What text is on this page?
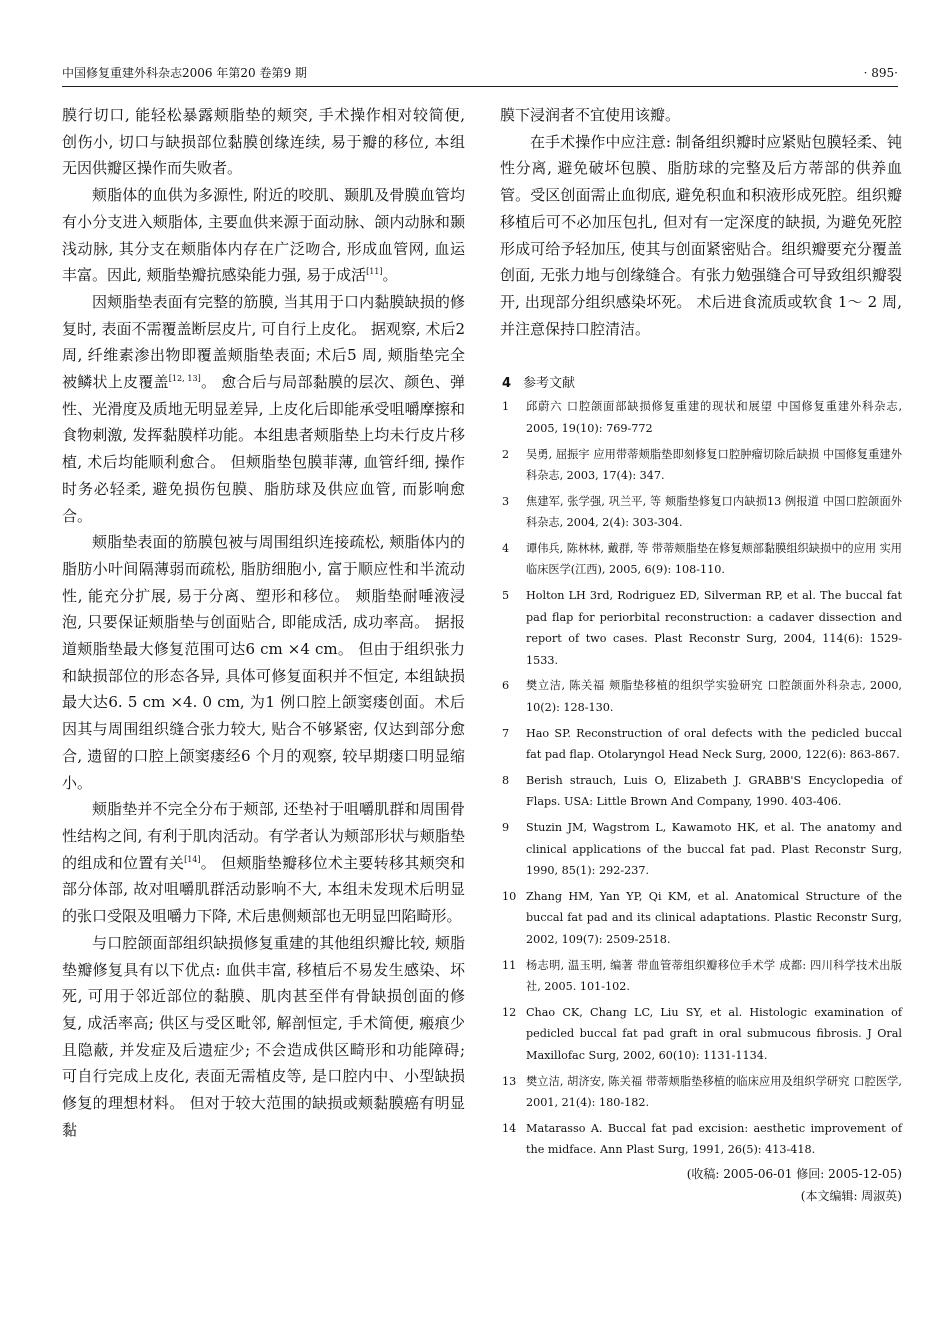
中国修复重建外科杂志2006 年第20 卷第9 期	· 895·

膜行切口, 能轻松暴露颊脂垫的颊突, 手术操作相对较简便, 创伤小, 切口与缺损部位黏膜创缘连续, 易于瓣的移位, 本组无因供瓣区操作而失败者。

颊脂体的血供为多源性, 附近的咬肌、颞肌及骨膜血管均有小分支进入颊脂体, 主要血供来源于面动脉、颌内动脉和颞浅动脉, 其分支在颊脂体内存在广泛吻合, 形成血管网, 血运丰富。因此, 颊脂垫瓣抗感染能力强, 易于成活[11]。

因颊脂垫表面有完整的筋膜, 当其用于口内黏膜缺损的修复时, 表面不需覆盖断层皮片, 可自行上皮化。 据观察, 术后2 周, 纤维素渗出物即覆盖颊脂垫表面; 术后5 周, 颊脂垫完全被鳞状上皮覆盖[12, 13]。 愈合后与局部黏膜的层次、颜色、弹性、光滑度及质地无明显差异, 上皮化后即能承受咀嚼摩擦和食物刺激, 发挥黏膜样功能。本组患者颊脂垫上均未行皮片移植, 术后均能顺利愈合。 但颊脂垫包膜菲薄, 血管纤细, 操作时务必轻柔, 避免损伤包膜、脂肪球及供应血管, 而影响愈合。

颊脂垫表面的筋膜包被与周围组织连接疏松, 颊脂体内的脂肪小叶间隔薄弱而疏松, 脂肪细胞小, 富于顺应性和半流动性, 能充分扩展, 易于分离、塑形和移位。 颊脂垫耐唾液浸泡, 只要保证颊脂垫与创面贴合, 即能成活, 成功率高。 据报道颊脂垫最大修复范围可达6 cm ×4 cm。 但由于组织张力和缺损部位的形态各异, 具体可修复面积并不恒定, 本组缺损最大达6. 5 cm ×4. 0 cm, 为1 例口腔上颌窦瘘创面。术后因其与周围组织缝合张力较大, 贴合不够紧密, 仅达到部分愈合, 遗留的口腔上颌窦瘘经6 个月的观察, 较早期瘘口明显缩小。

颊脂垫并不完全分布于颊部, 还垫衬于咀嚼肌群和周围骨性结构之间, 有利于肌肉活动。有学者认为颊部形状与颊脂垫的组成和位置有关[14]。 但颊脂垫瓣移位术主要转移其颊突和部分体部, 故对咀嚼肌群活动影响不大, 本组未发现术后明显的张口受限及咀嚼力下降, 术后患侧颊部也无明显凹陷畸形。

与口腔颌面部组织缺损修复重建的其他组织瓣比较, 颊脂垫瓣修复具有以下优点: 血供丰富, 移植后不易发生感染、坏死, 可用于邻近部位的黏膜、肌肉甚至伴有骨缺损创面的修复, 成活率高; 供区与受区毗邻, 解剖恒定, 手术简便, 瘢痕少且隐蔽, 并发症及后遗症少; 不会造成供区畸形和功能障碍; 可自行完成上皮化, 表面无需植皮等, 是口腔内中、小型缺损修复的理想材料。 但对于较大范围的缺损或颊黏膜癌有明显黏

膜下浸润者不宜使用该瓣。

在手术操作中应注意: 制备组织瓣时应紧贴包膜轻柔、钝性分离, 避免破坏包膜、脂肪球的完整及后方蒂部的供养血管。受区创面需止血彻底, 避免积血和积液形成死腔。组织瓣移植后可不必加压包扎, 但对有一定深度的缺损, 为避免死腔形成可给予轻加压, 使其与创面紧密贴合。组织瓣要充分覆盖创面, 无张力地与创缘缝合。有张力勉强缝合可导致组织瓣裂开, 出现部分组织感染坏死。 术后进食流质或软食 1～ 2 周, 并注意保持口腔清洁。

4 参考文献
1 邱蔚六 口腔颌面部缺损修复重建的现状和展望 中国修复重建外科杂志, 2005, 19(10): 769-772
2 吴勇, 屈振宇 应用带蒂颊脂垫即刻修复口腔肿瘤切除后缺损 中国修复重建外科杂志, 2003, 17(4): 347.
3 焦建军, 张学强, 巩兰平, 等 颊脂垫修复口内缺损13 例报道 中国口腔颌面外科杂志, 2004, 2(4): 303-304.
4 谭伟兵, 陈林林, 戴群, 等 带蒂颊脂垫在修复颊部黏膜组织缺损中的应用 实用临床医学(江西), 2005, 6(9): 108-110.
5 Holton LH 3rd, Rodriguez ED, Silverman RP, et al. The buccal fat pad flap for periorbital reconstruction: a cadaver dissection and report of two cases. Plast Reconstr Surg, 2004, 114(6): 1529-1533.
6 樊立洁, 陈关福 颊脂垫移植的组织学实验研究 口腔颌面外科杂志, 2000, 10(2): 128-130.
7 Hao SP. Reconstruction of oral defects with the pedicled buccal fat pad flap. Otolaryngol Head Neck Surg, 2000, 122(6): 863-867.
8 Berish strauch, Luis O, Elizabeth J. GRABB'S Encyclopedia of Flaps. USA: Little Brown And Company, 1990. 403-406.
9 Stuzin JM, Wagstrom L, Kawamoto HK, et al. The anatomy and clinical applications of the buccal fat pad. Plast Reconstr Surg, 1990, 85(1): 292-237.
10 Zhang HM, Yan YP, Qi KM, et al. Anatomical Structure of the buccal fat pad and its clinical adaptations. Plastic Reconstr Surg, 2002, 109(7): 2509-2518.
11 杨志明, 温玉明, 编著 带血管蒂组织瓣移位手术学 成都: 四川科学技术出版社, 2005. 101-102.
12 Chao CK, Chang LC, Liu SY, et al. Histologic examination of pedicled buccal fat pad graft in oral submucous fibrosis. J Oral Maxillofac Surg, 2002, 60(10): 1131-1134.
13 樊立洁, 胡济安, 陈关福 带蒂颊脂垫移植的临床应用及组织学研究 口腔医学, 2001, 21(4): 180-182.
14 Matarasso A. Buccal fat pad excision: aesthetic improvement of the midface. Ann Plast Surg, 1991, 26(5): 413-418.
(收稿: 2005-06-01 修回: 2005-12-05)
(本文编辑: 周淑英)
